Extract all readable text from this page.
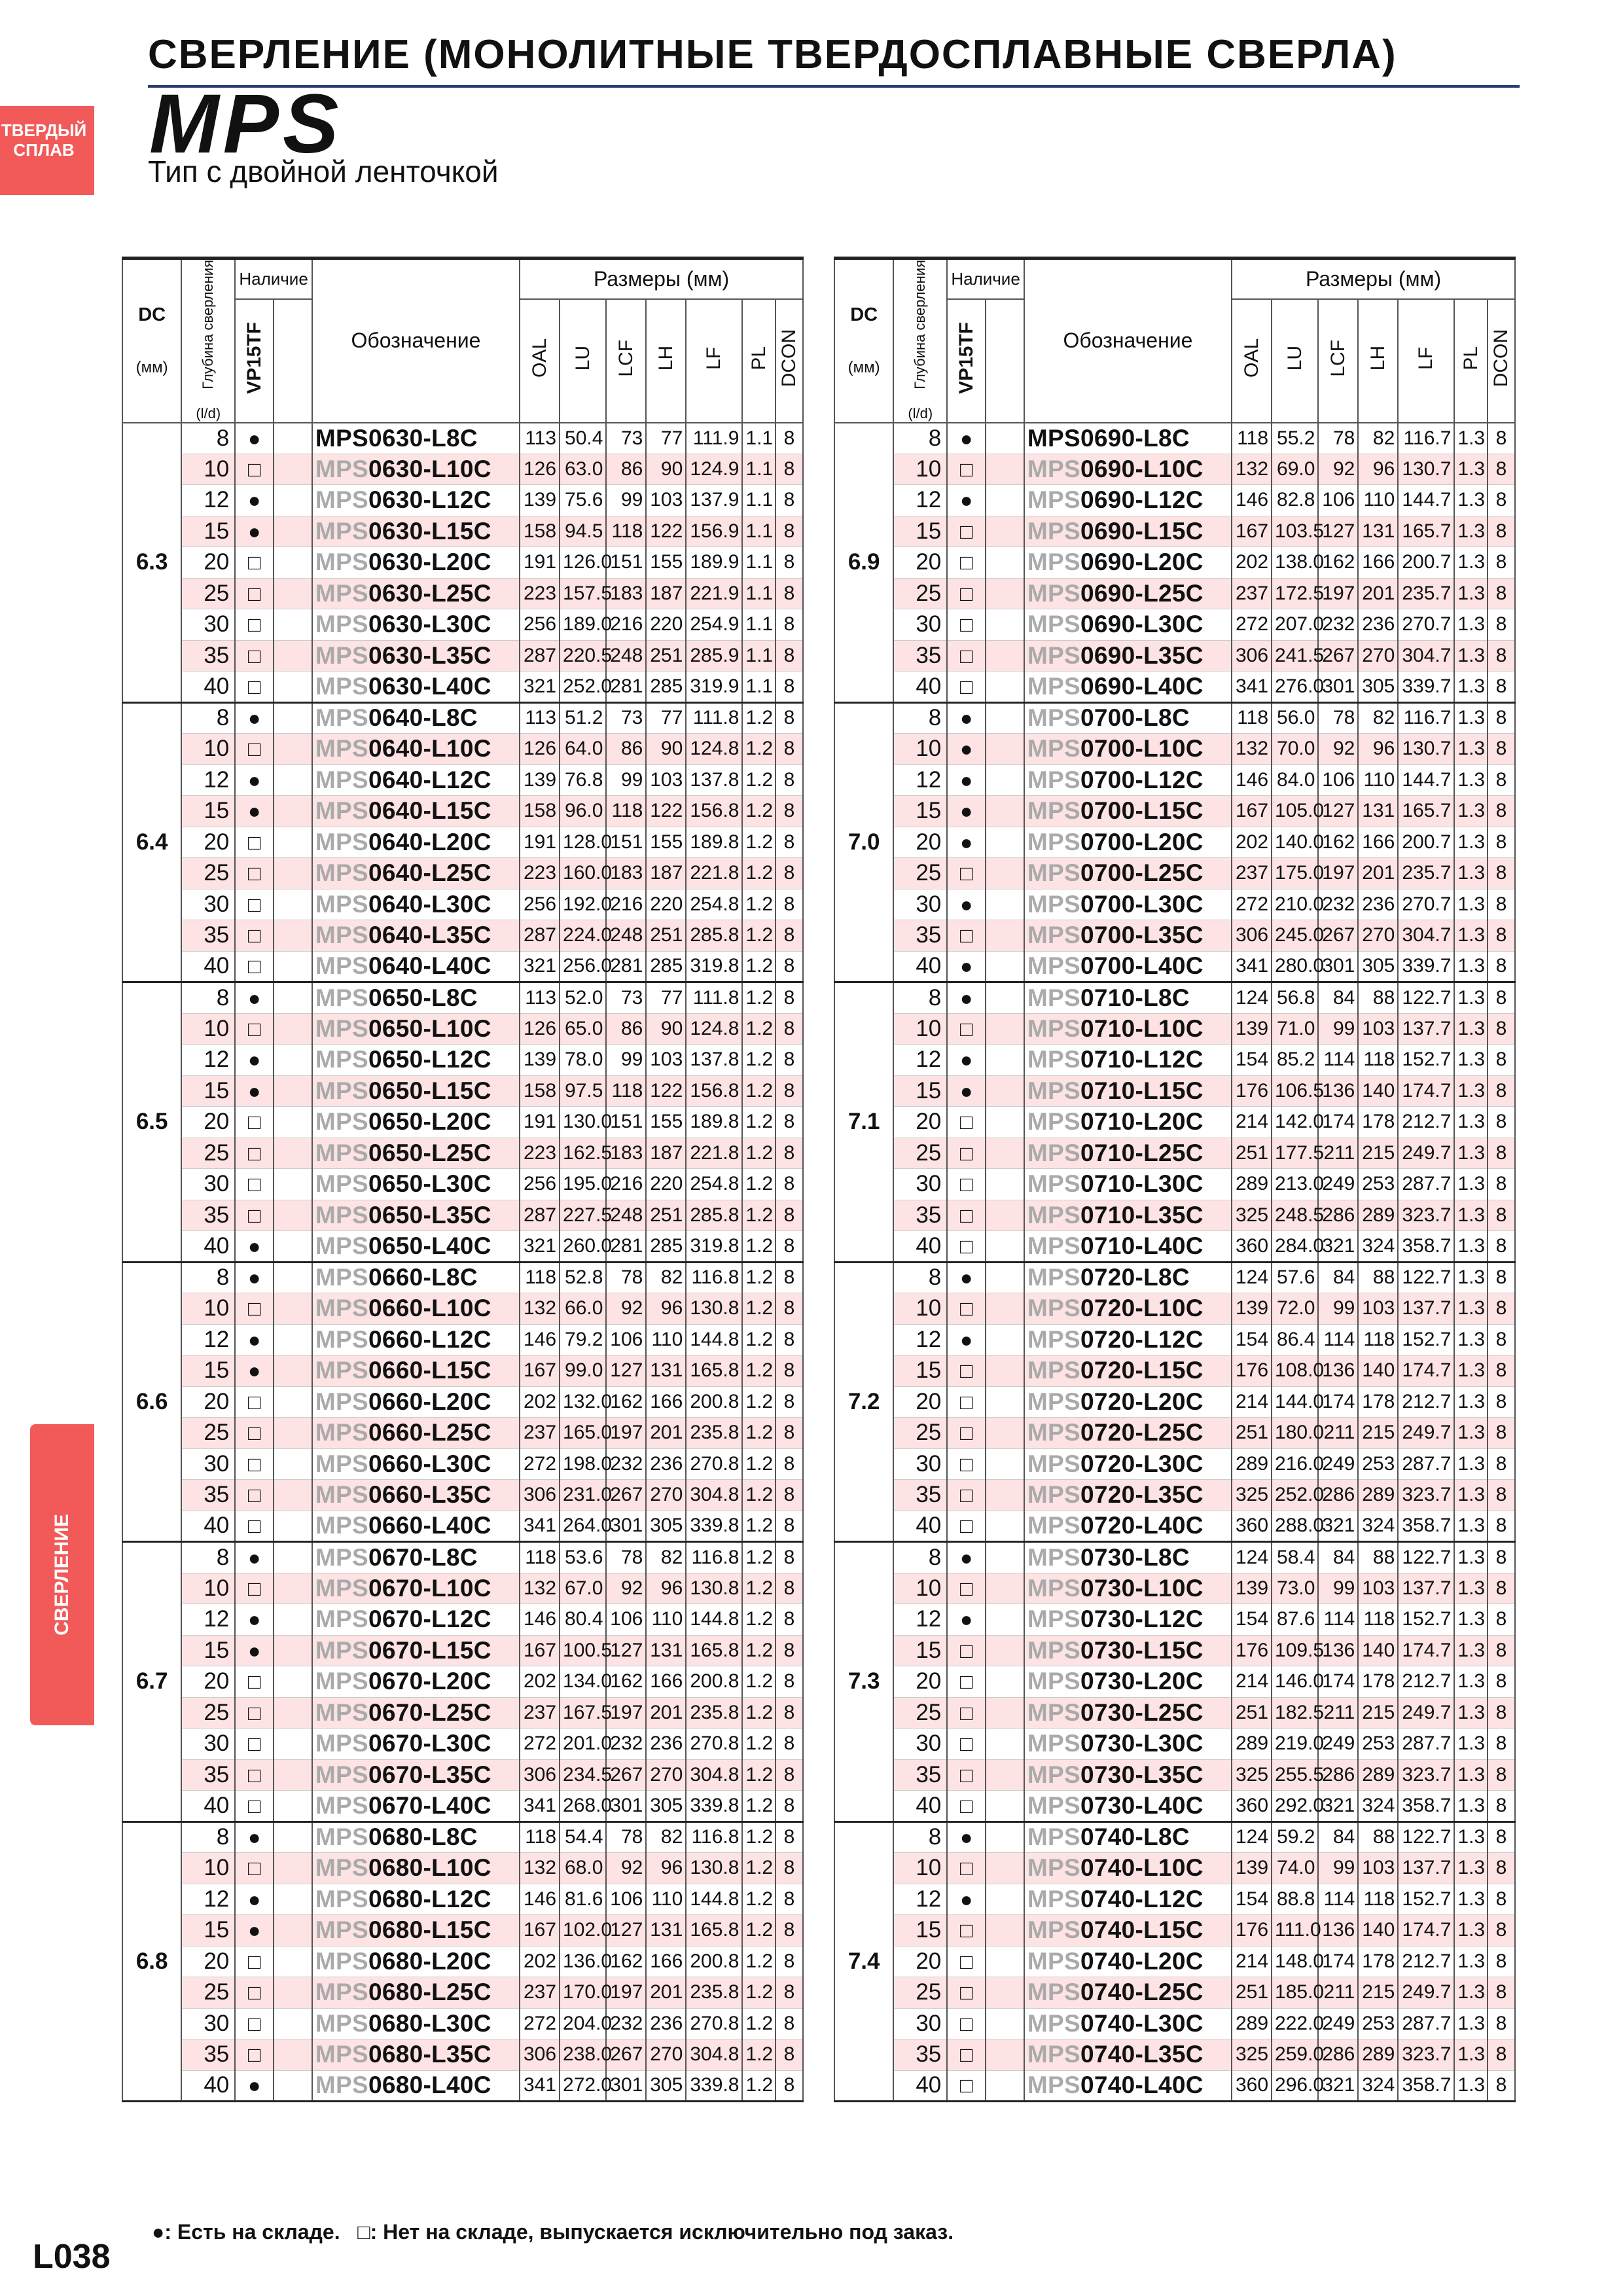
СВЕРЛЕНИЕ (МОНОЛИТНЫЕ ТВЕРДОСПЛАВНЫЕ СВЕРЛА)
MPS
Тип с двойной ленточкой
ТВЕРДЫЙ СПЛАВ
СВЕРЛЕНИЕ
DC
(мм)	Глубина сверления
(l/d)	Наличие		Обозначение	Размеры (мм)						
		VP15TF			OAL	LU	LCF	LH	LF	PL	DCON
6.3	8	●		MPS0630-L8C	113	50.4	73	77	111.9	1.1	8
	10	□		MPS0630-L10C	126	63.0	86	90	124.9	1.1	8
	12	●		MPS0630-L12C	139	75.6	99	103	137.9	1.1	8
	15	●		MPS0630-L15C	158	94.5	118	122	156.9	1.1	8
	20	□		MPS0630-L20C	191	126.0	151	155	189.9	1.1	8
	25	□		MPS0630-L25C	223	157.5	183	187	221.9	1.1	8
	30	□		MPS0630-L30C	256	189.0	216	220	254.9	1.1	8
	35	□		MPS0630-L35C	287	220.5	248	251	285.9	1.1	8
	40	□		MPS0630-L40C	321	252.0	281	285	319.9	1.1	8
6.4	8	●		MPS0640-L8C	113	51.2	73	77	111.8	1.2	8
	10	□		MPS0640-L10C	126	64.0	86	90	124.8	1.2	8
	12	●		MPS0640-L12C	139	76.8	99	103	137.8	1.2	8
	15	●		MPS0640-L15C	158	96.0	118	122	156.8	1.2	8
	20	□		MPS0640-L20C	191	128.0	151	155	189.8	1.2	8
	25	□		MPS0640-L25C	223	160.0	183	187	221.8	1.2	8
	30	□		MPS0640-L30C	256	192.0	216	220	254.8	1.2	8
	35	□		MPS0640-L35C	287	224.0	248	251	285.8	1.2	8
	40	□		MPS0640-L40C	321	256.0	281	285	319.8	1.2	8
6.5	8	●		MPS0650-L8C	113	52.0	73	77	111.8	1.2	8
	10	□		MPS0650-L10C	126	65.0	86	90	124.8	1.2	8
	12	●		MPS0650-L12C	139	78.0	99	103	137.8	1.2	8
	15	●		MPS0650-L15C	158	97.5	118	122	156.8	1.2	8
	20	□		MPS0650-L20C	191	130.0	151	155	189.8	1.2	8
	25	□		MPS0650-L25C	223	162.5	183	187	221.8	1.2	8
	30	□		MPS0650-L30C	256	195.0	216	220	254.8	1.2	8
	35	□		MPS0650-L35C	287	227.5	248	251	285.8	1.2	8
	40	●		MPS0650-L40C	321	260.0	281	285	319.8	1.2	8
6.6	8	●		MPS0660-L8C	118	52.8	78	82	116.8	1.2	8
	10	□		MPS0660-L10C	132	66.0	92	96	130.8	1.2	8
	12	●		MPS0660-L12C	146	79.2	106	110	144.8	1.2	8
	15	●		MPS0660-L15C	167	99.0	127	131	165.8	1.2	8
	20	□		MPS0660-L20C	202	132.0	162	166	200.8	1.2	8
	25	□		MPS0660-L25C	237	165.0	197	201	235.8	1.2	8
	30	□		MPS0660-L30C	272	198.0	232	236	270.8	1.2	8
	35	□		MPS0660-L35C	306	231.0	267	270	304.8	1.2	8
	40	□		MPS0660-L40C	341	264.0	301	305	339.8	1.2	8
6.7	8	●		MPS0670-L8C	118	53.6	78	82	116.8	1.2	8
	10	□		MPS0670-L10C	132	67.0	92	96	130.8	1.2	8
	12	●		MPS0670-L12C	146	80.4	106	110	144.8	1.2	8
	15	●		MPS0670-L15C	167	100.5	127	131	165.8	1.2	8
	20	□		MPS0670-L20C	202	134.0	162	166	200.8	1.2	8
	25	□		MPS0670-L25C	237	167.5	197	201	235.8	1.2	8
	30	□		MPS0670-L30C	272	201.0	232	236	270.8	1.2	8
	35	□		MPS0670-L35C	306	234.5	267	270	304.8	1.2	8
	40	□		MPS0670-L40C	341	268.0	301	305	339.8	1.2	8
6.8	8	●		MPS0680-L8C	118	54.4	78	82	116.8	1.2	8
	10	□		MPS0680-L10C	132	68.0	92	96	130.8	1.2	8
	12	●		MPS0680-L12C	146	81.6	106	110	144.8	1.2	8
	15	●		MPS0680-L15C	167	102.0	127	131	165.8	1.2	8
	20	□		MPS0680-L20C	202	136.0	162	166	200.8	1.2	8
	25	□		MPS0680-L25C	237	170.0	197	201	235.8	1.2	8
	30	□		MPS0680-L30C	272	204.0	232	236	270.8	1.2	8
	35	□		MPS0680-L35C	306	238.0	267	270	304.8	1.2	8
	40	●		MPS0680-L40C	341	272.0	301	305	339.8	1.2	8
DC
(мм)	Глубина сверления
(l/d)	Наличие		Обозначение	Размеры (мм)						
		VP15TF			OAL	LU	LCF	LH	LF	PL	DCON
6.9	8	●		MPS0690-L8C	118	55.2	78	82	116.7	1.3	8
	10	□		MPS0690-L10C	132	69.0	92	96	130.7	1.3	8
	12	●		MPS0690-L12C	146	82.8	106	110	144.7	1.3	8
	15	□		MPS0690-L15C	167	103.5	127	131	165.7	1.3	8
	20	□		MPS0690-L20C	202	138.0	162	166	200.7	1.3	8
	25	□		MPS0690-L25C	237	172.5	197	201	235.7	1.3	8
	30	□		MPS0690-L30C	272	207.0	232	236	270.7	1.3	8
	35	□		MPS0690-L35C	306	241.5	267	270	304.7	1.3	8
	40	□		MPS0690-L40C	341	276.0	301	305	339.7	1.3	8
7.0	8	●		MPS0700-L8C	118	56.0	78	82	116.7	1.3	8
	10	●		MPS0700-L10C	132	70.0	92	96	130.7	1.3	8
	12	●		MPS0700-L12C	146	84.0	106	110	144.7	1.3	8
	15	●		MPS0700-L15C	167	105.0	127	131	165.7	1.3	8
	20	●		MPS0700-L20C	202	140.0	162	166	200.7	1.3	8
	25	□		MPS0700-L25C	237	175.0	197	201	235.7	1.3	8
	30	●		MPS0700-L30C	272	210.0	232	236	270.7	1.3	8
	35	□		MPS0700-L35C	306	245.0	267	270	304.7	1.3	8
	40	●		MPS0700-L40C	341	280.0	301	305	339.7	1.3	8
7.1	8	●		MPS0710-L8C	124	56.8	84	88	122.7	1.3	8
	10	□		MPS0710-L10C	139	71.0	99	103	137.7	1.3	8
	12	●		MPS0710-L12C	154	85.2	114	118	152.7	1.3	8
	15	●		MPS0710-L15C	176	106.5	136	140	174.7	1.3	8
	20	□		MPS0710-L20C	214	142.0	174	178	212.7	1.3	8
	25	□		MPS0710-L25C	251	177.5	211	215	249.7	1.3	8
	30	□		MPS0710-L30C	289	213.0	249	253	287.7	1.3	8
	35	□		MPS0710-L35C	325	248.5	286	289	323.7	1.3	8
	40	□		MPS0710-L40C	360	284.0	321	324	358.7	1.3	8
7.2	8	●		MPS0720-L8C	124	57.6	84	88	122.7	1.3	8
	10	□		MPS0720-L10C	139	72.0	99	103	137.7	1.3	8
	12	●		MPS0720-L12C	154	86.4	114	118	152.7	1.3	8
	15	□		MPS0720-L15C	176	108.0	136	140	174.7	1.3	8
	20	□		MPS0720-L20C	214	144.0	174	178	212.7	1.3	8
	25	□		MPS0720-L25C	251	180.0	211	215	249.7	1.3	8
	30	□		MPS0720-L30C	289	216.0	249	253	287.7	1.3	8
	35	□		MPS0720-L35C	325	252.0	286	289	323.7	1.3	8
	40	□		MPS0720-L40C	360	288.0	321	324	358.7	1.3	8
7.3	8	●		MPS0730-L8C	124	58.4	84	88	122.7	1.3	8
	10	□		MPS0730-L10C	139	73.0	99	103	137.7	1.3	8
	12	●		MPS0730-L12C	154	87.6	114	118	152.7	1.3	8
	15	□		MPS0730-L15C	176	109.5	136	140	174.7	1.3	8
	20	□		MPS0730-L20C	214	146.0	174	178	212.7	1.3	8
	25	□		MPS0730-L25C	251	182.5	211	215	249.7	1.3	8
	30	□		MPS0730-L30C	289	219.0	249	253	287.7	1.3	8
	35	□		MPS0730-L35C	325	255.5	286	289	323.7	1.3	8
	40	□		MPS0730-L40C	360	292.0	321	324	358.7	1.3	8
7.4	8	●		MPS0740-L8C	124	59.2	84	88	122.7	1.3	8
	10	□		MPS0740-L10C	139	74.0	99	103	137.7	1.3	8
	12	●		MPS0740-L12C	154	88.8	114	118	152.7	1.3	8
	15	□		MPS0740-L15C	176	111.0	136	140	174.7	1.3	8
	20	□		MPS0740-L20C	214	148.0	174	178	212.7	1.3	8
	25	□		MPS0740-L25C	251	185.0	211	215	249.7	1.3	8
	30	□		MPS0740-L30C	289	222.0	249	253	287.7	1.3	8
	35	□		MPS0740-L35C	325	259.0	286	289	323.7	1.3	8
	40	□		MPS0740-L40C	360	296.0	321	324	358.7	1.3	8
●: Есть на складе. □: Нет на складе, выпускается исключительно под заказ.
L038
